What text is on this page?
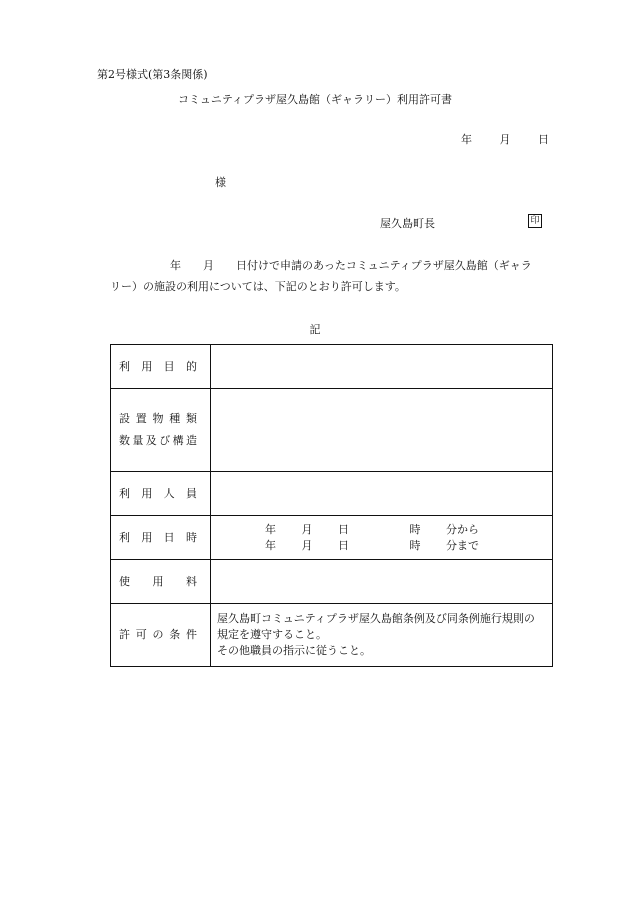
第2号様式(第3条関係)
コミュニティプラザ屋久島館（ギャラリー）利用許可書
年	月	日
様
屋久島町長	印
年　　月　　日付けで申請のあったコミュニティプラザ屋久島館（ギャラ
リー）の施設の利用については、下記のとおり許可します。
記
利用目的	

設置物種類
数量及び構造	

利用人員	

利用日時	年 月 日 時 分から
年 月 日 時 分まで

使用料	

許可の条件	屋久島町コミュニティプラザ屋久島館条例及び同条例施行規則の
規定を遵守すること。
その他職員の指示に従うこと。
